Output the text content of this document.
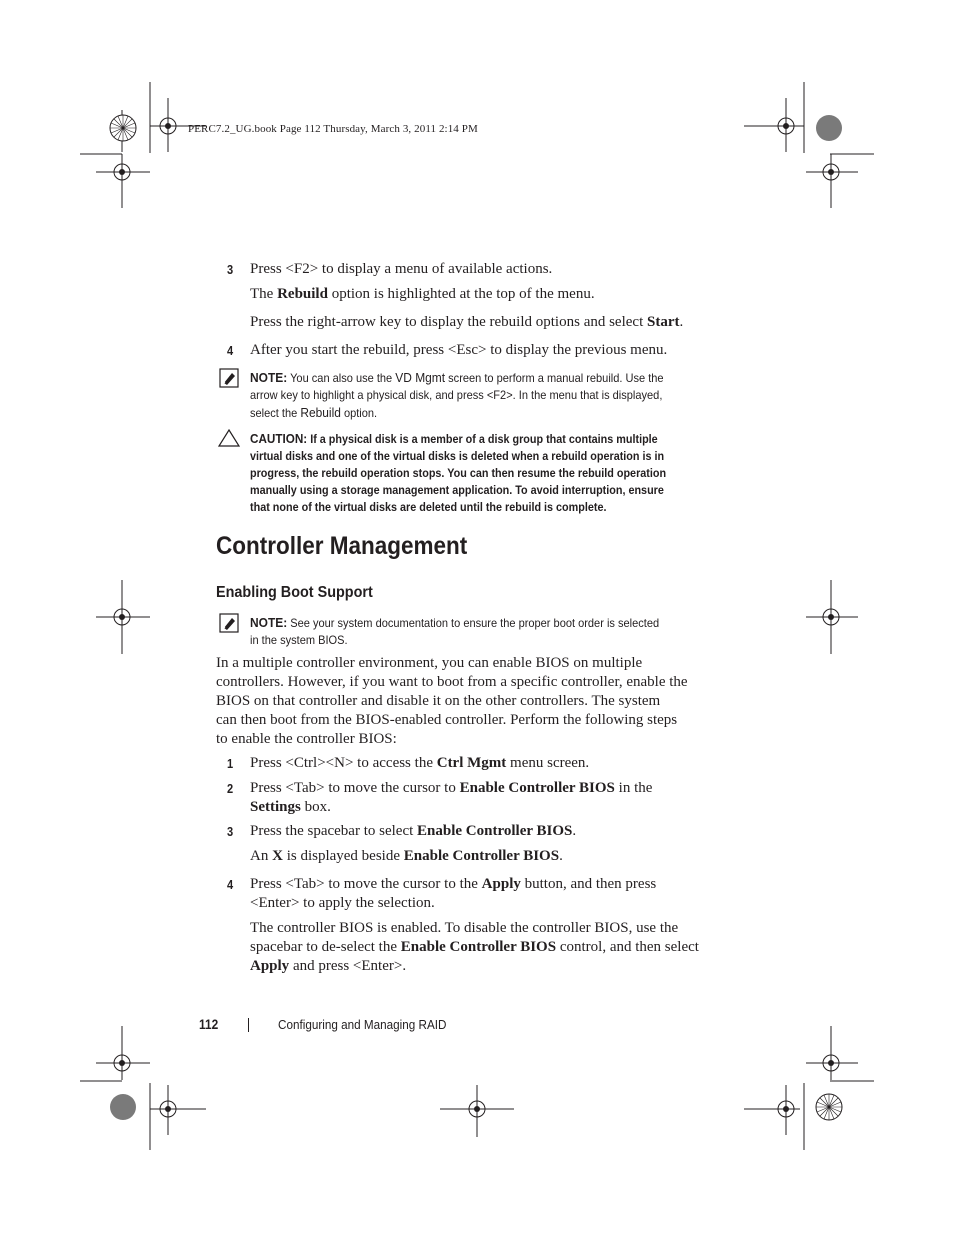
PERC7.2_UG.book Page 112 Thursday, March 3, 2011 2:14 PM
3 Press <F2> to display a menu of available actions.
The Rebuild option is highlighted at the top of the menu.
Press the right-arrow key to display the rebuild options and select Start.
4 After you start the rebuild, press <Esc> to display the previous menu.
NOTE: You can also use the VD Mgmt screen to perform a manual rebuild. Use the
arrow key to highlight a physical disk, and press <F2>. In the menu that is displayed,
select the Rebuild option.
CAUTION: If a physical disk is a member of a disk group that contains multiple
virtual disks and one of the virtual disks is deleted when a rebuild operation is in
progress, the rebuild operation stops. You can then resume the rebuild operation
manually using a storage management application. To avoid interruption, ensure
that none of the virtual disks are deleted until the rebuild is complete.
Controller Management
Enabling Boot Support
NOTE: See your system documentation to ensure the proper boot order is selected
in the system BIOS.
In a multiple controller environment, you can enable BIOS on multiple
controllers. However, if you want to boot from a specific controller, enable the
BIOS on that controller and disable it on the other controllers. The system
can then boot from the BIOS-enabled controller. Perform the following steps
to enable the controller BIOS:
1 Press <Ctrl><N> to access the Ctrl Mgmt menu screen.
2 Press <Tab> to move the cursor to Enable Controller BIOS in the
Settings box.
3 Press the spacebar to select Enable Controller BIOS.
An X is displayed beside Enable Controller BIOS.
4 Press <Tab> to move the cursor to the Apply button, and then press
<Enter> to apply the selection.
The controller BIOS is enabled. To disable the controller BIOS, use the
spacebar to de-select the Enable Controller BIOS control, and then select
Apply and press <Enter>.
112	Configuring and Managing RAID
